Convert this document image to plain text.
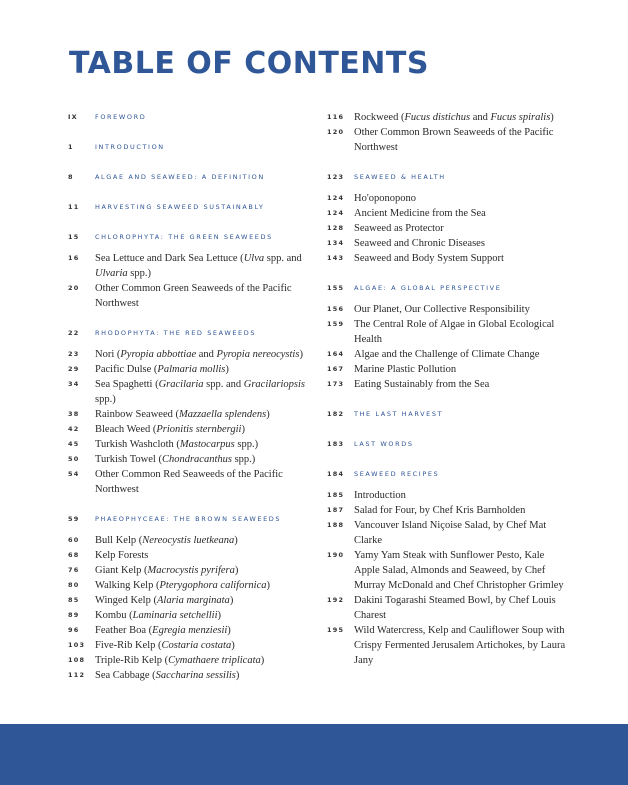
TABLE OF CONTENTS
IX	FOREWORD
1	INTRODUCTION
8	ALGAE AND SEAWEED: A DEFINITION
11	HARVESTING SEAWEED SUSTAINABLY
15	CHLOROPHYTA: THE GREEN SEAWEEDS
16	Sea Lettuce and Dark Sea Lettuce (Ulva spp. and Ulvaria spp.)
20	Other Common Green Seaweeds of the Pacific Northwest
22	RHODOPHYTA: THE RED SEAWEEDS
23	Nori (Pyropia abbottiae and Pyropia nereocystis)
29	Pacific Dulse (Palmaria mollis)
34	Sea Spaghetti (Gracilaria spp. and Gracilariopsis spp.)
38	Rainbow Seaweed (Mazzaella splendens)
42	Bleach Weed (Prionitis sternbergii)
45	Turkish Washcloth (Mastocarpus spp.)
50	Turkish Towel (Chondracanthus spp.)
54	Other Common Red Seaweeds of the Pacific Northwest
59	PHAEOPHYCEAE: THE BROWN SEAWEEDS
60	Bull Kelp (Nereocystis luetkeana)
68	Kelp Forests
76	Giant Kelp (Macrocystis pyrifera)
80	Walking Kelp (Pterygophora californica)
85	Winged Kelp (Alaria marginata)
89	Kombu (Laminaria setchellii)
96	Feather Boa (Egregia menziesii)
103 Five-Rib Kelp (Costaria costata)
108 Triple-Rib Kelp (Cymathaere triplicata)
112 Sea Cabbage (Saccharina sessilis)
116 Rockweed (Fucus distichus and Fucus spiralis)
120 Other Common Brown Seaweeds of the Pacific Northwest
123	SEAWEED & HEALTH
124 Ho'oponopono
124 Ancient Medicine from the Sea
128 Seaweed as Protector
134 Seaweed and Chronic Diseases
143 Seaweed and Body System Support
155	ALGAE: A GLOBAL PERSPECTIVE
156 Our Planet, Our Collective Responsibility
159 The Central Role of Algae in Global Ecological Health
164 Algae and the Challenge of Climate Change
167 Marine Plastic Pollution
173 Eating Sustainably from the Sea
182	THE LAST HARVEST
183	LAST WORDS
184	SEAWEED RECIPES
185 Introduction
187 Salad for Four, by Chef Kris Barnholden
188 Vancouver Island Niçoise Salad, by Chef Mat Clarke
190 Yamy Yam Steak with Sunflower Pesto, Kale Apple Salad, Almonds and Seaweed, by Chef Murray McDonald and Chef Christopher Grimley
192 Dakini Togarashi Steamed Bowl, by Chef Louis Charest
195 Wild Watercress, Kelp and Cauliflower Soup with Crispy Fermented Jerusalem Artichokes, by Laura Jany
